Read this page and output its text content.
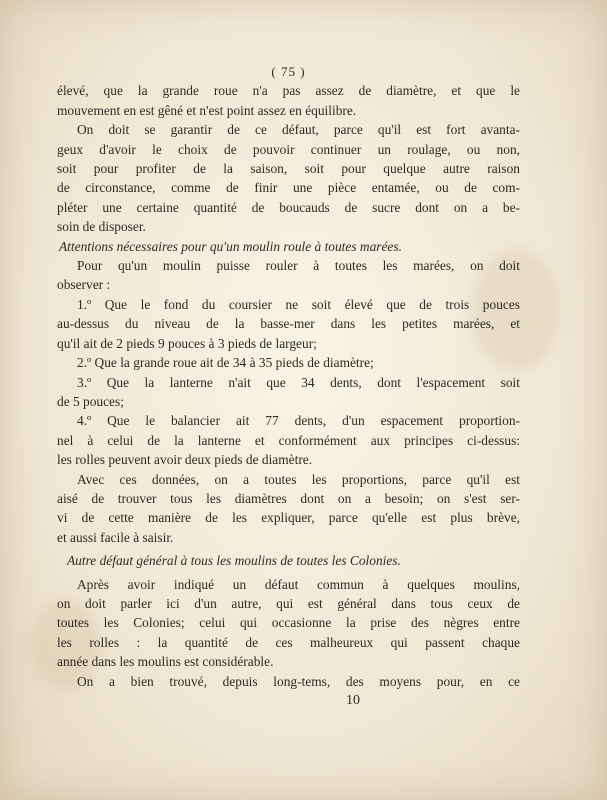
( 75 )
élevé, que la grande roue n'a pas assez de diamètre, et que le
mouvement en est gêné et n'est point assez en équilibre.
On doit se garantir de ce défaut, parce qu'il est fort avanta-
geux d'avoir le choix de pouvoir continuer un roulage, ou non,
soit pour profiter de la saison, soit pour quelque autre raison
de circonstance, comme de finir une pièce entamée, ou de com-
pléter une certaine quantité de boucauds de sucre dont on a be-
soin de disposer.
Attentions nécessaires pour qu'un moulin roule à toutes marées.
Pour qu'un moulin puisse rouler à toutes les marées, on doit
observer :
1.º Que le fond du coursier ne soit élevé que de trois pouces
au-dessus du niveau de la basse-mer dans les petites marées, et
qu'il ait de 2 pieds 9 pouces à 3 pieds de largeur;
2.º Que la grande roue ait de 34 à 35 pieds de diamètre;
3.º Que la lanterne n'ait que 34 dents, dont l'espacement soit
de 5 pouces;
4.º Que le balancier ait 77 dents, d'un espacement proportion-
nel à celui de la lanterne et conformément aux principes ci-dessus:
les rolles peuvent avoir deux pieds de diamètre.
Avec ces données, on a toutes les proportions, parce qu'il est
aisé de trouver tous les diamètres dont on a besoin; on s'est ser-
vi de cette manière de les expliquer, parce qu'elle est plus brève,
et aussi facile à saisir.
Autre défaut général à tous les moulins de toutes les Colonies.
Après avoir indiqué un défaut commun à quelques moulins,
on doit parler ici d'un autre, qui est général dans tous ceux de
toutes les Colonies; celui qui occasionne la prise des nègres entre
les rolles : la quantité de ces malheureux qui passent chaque
année dans les moulins est considérable.
On a bien trouvé, depuis long-tems, des moyens pour, en ce
10
